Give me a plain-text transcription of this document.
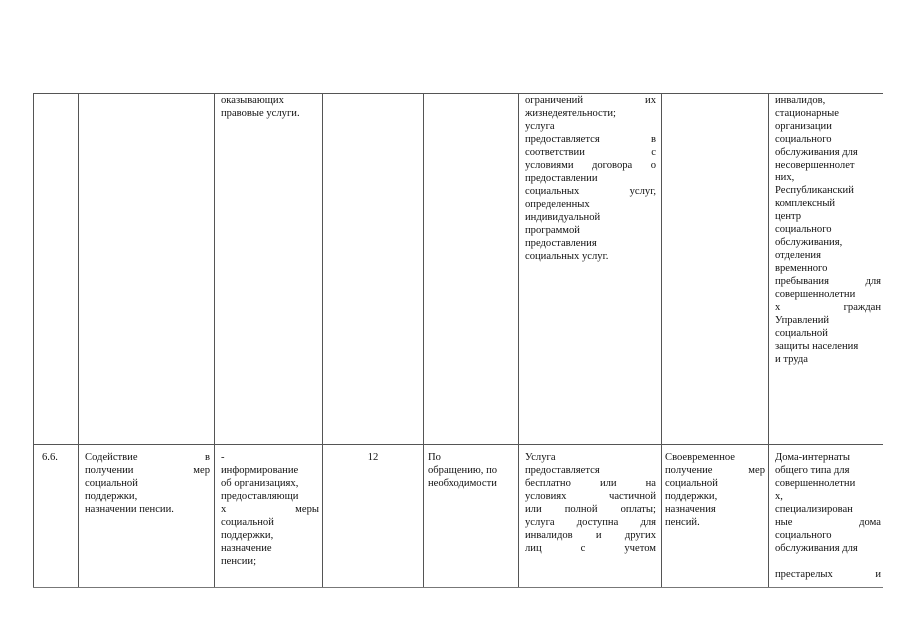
оказывающих
правовые услуги.
ограничений их
жизнедеятельности;
услуга
предоставляется в
соответствии с
условиями договора о
предоставлении
социальных услуг,
определенных
индивидуальной
программой
предоставления
социальных услуг.
инвалидов,
стационарные
организации
социального
обслуживания для
несовершеннолет
них,
Республиканский
комплексный
центр
социального
обслуживания,
отделения
временного
пребывания для
совершеннолетни
х граждан
Управлений
социальной
защиты населения
и труда
6.6.	Содействие в
получении мер
социальной
поддержки,
назначении пенсии.
-
информирование
об организациях,
предоставляющи
х меры
социальной
поддержки,
назначение
пенсии;
12	По
обращению, по
необходимости
Услуга
предоставляется
бесплатно или на
условиях частичной
или полной оплаты;
услуга доступна для
инвалидов и других
лиц с учетом
Своевременное
получение мер
социальной
поддержки,
назначения
пенсий.
Дома-интернаты
общего типа для
совершеннолетни
х,
специализирован
ные дома
социального
обслуживания для
престарелых и
